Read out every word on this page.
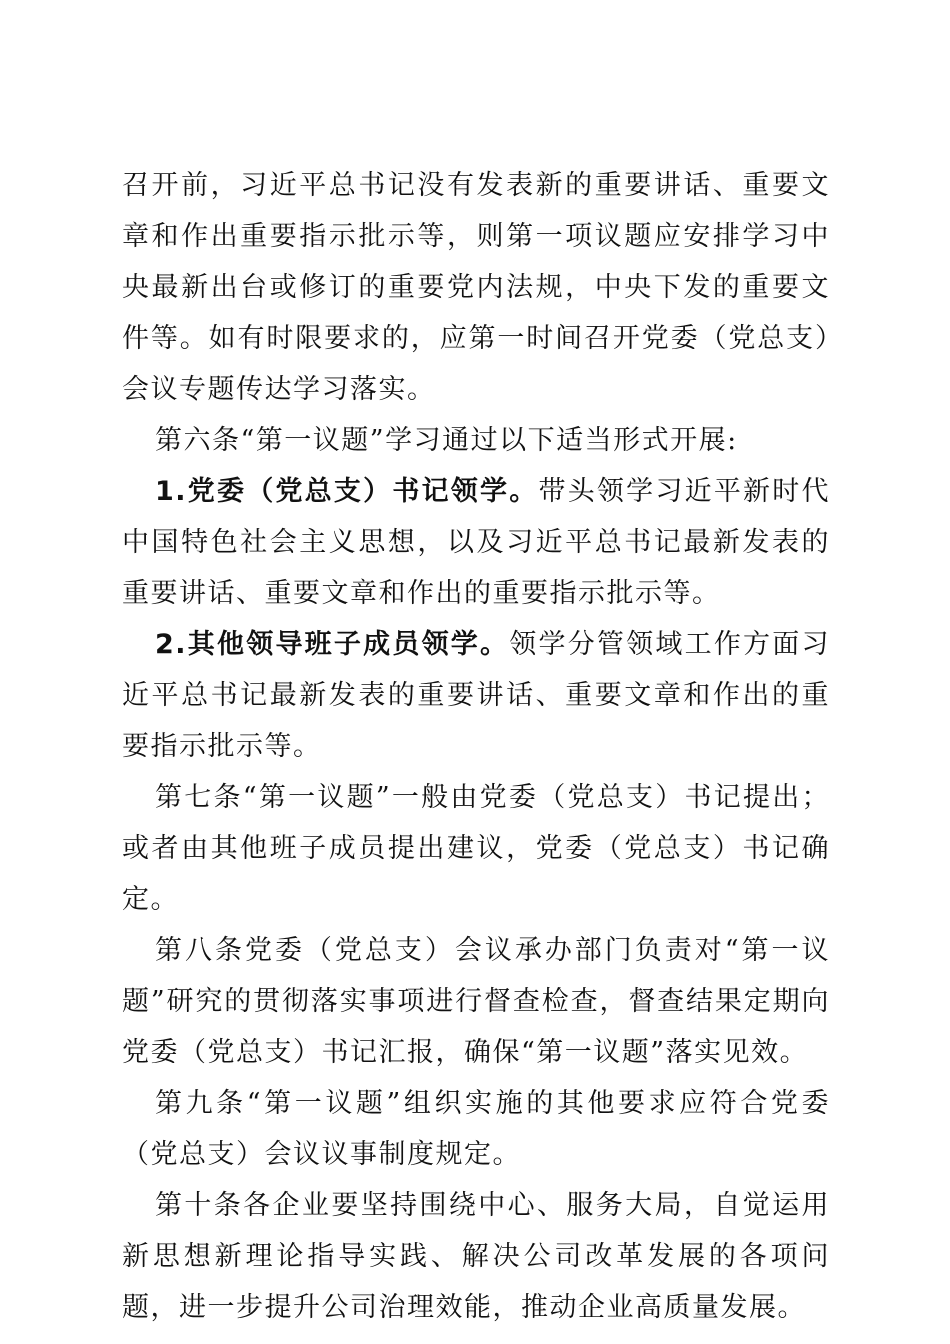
召开前，习近平总书记没有发表新的重要讲话、重要文章和作出重要指示批示等，则第一项议题应安排学习中央最新出台或修订的重要党内法规，中央下发的重要文件等。如有时限要求的，应第一时间召开党委（党总支）会议专题传达学习落实。

第六条“第一议题”学习通过以下适当形式开展:

1.党委（党总支）书记领学。带头领学习近平新时代中国特色社会主义思想，以及习近平总书记最新发表的重要讲话、重要文章和作出的重要指示批示等。

2.其他领导班子成员领学。领学分管领域工作方面习近平总书记最新发表的重要讲话、重要文章和作出的重要指示批示等。

第七条“第一议题”一般由党委（党总支）书记提出；或者由其他班子成员提出建议，党委（党总支）书记确定。

第八条党委（党总支）会议承办部门负责对“第一议题”研究的贯彻落实事项进行督查检查，督查结果定期向党委（党总支）书记汇报，确保“第一议题”落实见效。

第九条“第一议题”组织实施的其他要求应符合党委（党总支）会议议事制度规定。

第十条各企业要坚持围绕中心、服务大局，自觉运用新思想新理论指导实践、解决公司改革发展的各项问题，进一步提升公司治理效能，推动企业高质量发展。
